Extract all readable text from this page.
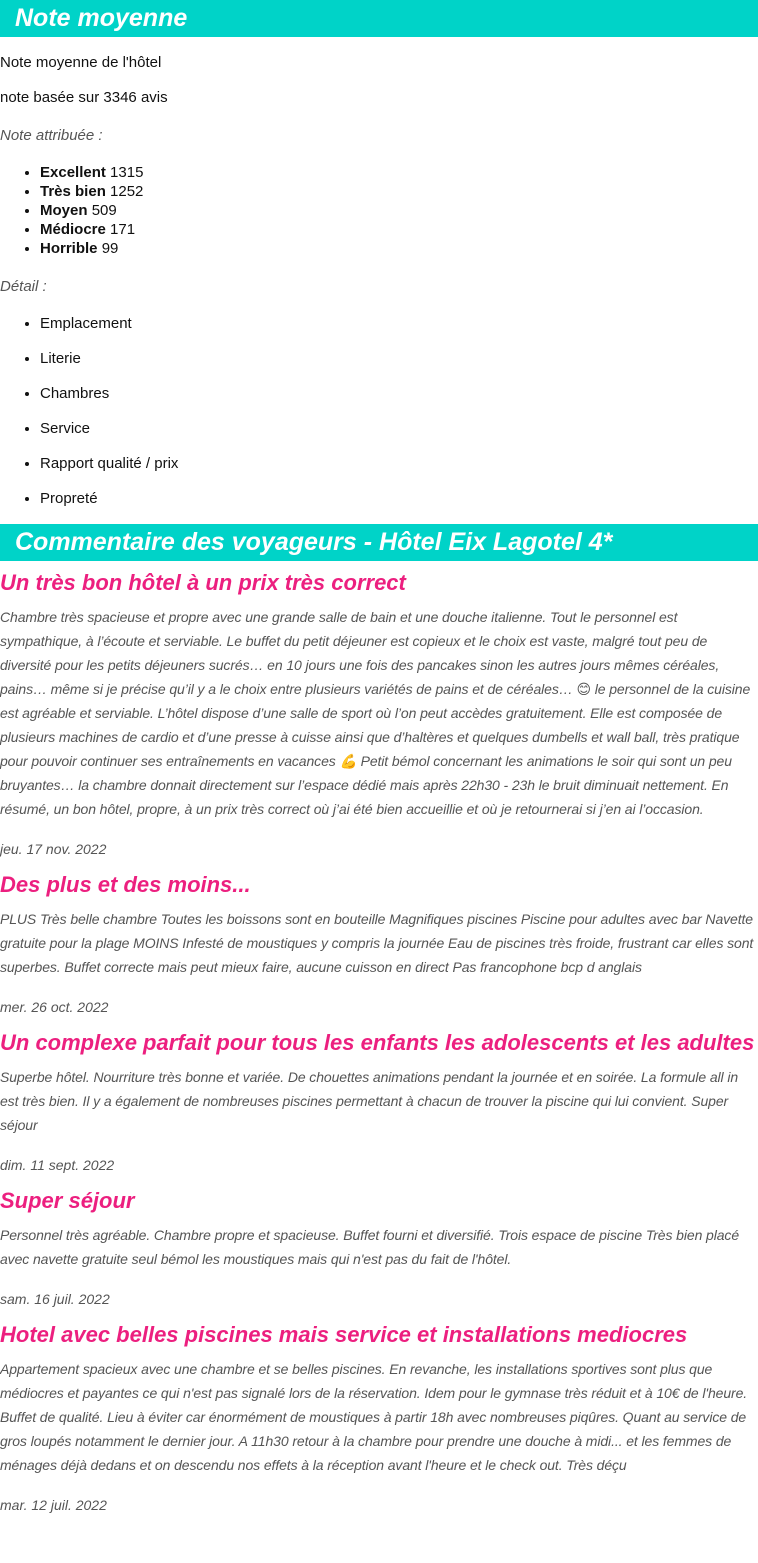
Note moyenne

Note moyenne de l'hôtel

note basée sur 3346 avis

Note attribuée :

• Excellent 1315
• Très bien 1252
• Moyen 509
• Médiocre 171
• Horrible 99

Détail :

• Emplacement
• Literie
• Chambres
• Service
• Rapport qualité / prix
• Propreté
Commentaire des voyageurs - Hôtel Eix Lagotel 4*
Un très bon hôtel à un prix très correct

Chambre très spacieuse et propre avec une grande salle de bain et une douche italienne. Tout le personnel est sympathique, à l’écoute et serviable. Le buffet du petit déjeuner est copieux et le choix est vaste, malgré tout peu de diversité pour les petits déjeuners sucrés… en 10 jours une fois des pancakes sinon les autres jours mêmes céréales, pains… même si je précise qu’il y a le choix entre plusieurs variétés de pains et de céréales… 😊 le personnel de la cuisine est agréable et serviable. L’hôtel dispose d’une salle de sport où l’on peut accèdes gratuitement. Elle est composée de plusieurs machines de cardio et d’une presse à cuisse ainsi que d’haltères et quelques dumbells et wall ball, très pratique pour pouvoir continuer ses entraînements en vacances 💪 Petit bémol concernant les animations le soir qui sont un peu bruyantes… la chambre donnait directement sur l’espace dédié mais après 22h30 - 23h le bruit diminuait nettement. En résumé, un bon hôtel, propre, à un prix très correct où j’ai été bien accueillie et où je retournerai si j’en ai l’occasion.

jeu. 17 nov. 2022

Des plus et des moins...

PLUS Très belle chambre Toutes les boissons sont en bouteille Magnifiques piscines Piscine pour adultes avec bar Navette gratuite pour la plage MOINS Infesté de moustiques y compris la journée Eau de piscines très froide, frustrant car elles sont superbes. Buffet correcte mais peut mieux faire, aucune cuisson en direct Pas francophone bcp d anglais

mer. 26 oct. 2022

Un complexe parfait pour tous les enfants les adolescents et les adultes

Superbe hôtel. Nourriture très bonne et variée. De chouettes animations pendant la journée et en soirée. La formule all in est très bien. Il y a également de nombreuses piscines permettant à chacun de trouver la piscine qui lui convient. Super séjour

dim. 11 sept. 2022

Super séjour

Personnel très agréable. Chambre propre et spacieuse. Buffet fourni et diversifié. Trois espace de piscine Très bien placé avec navette gratuite seul bémol les moustiques mais qui n'est pas du fait de l'hôtel.

sam. 16 juil. 2022

Hotel avec belles piscines mais service et installations mediocres

Appartement spacieux avec une chambre et se belles piscines. En revanche, les installations sportives sont plus que médiocres et payantes ce qui n'est pas signalé lors de la réservation. Idem pour le gymnase très réduit et à 10€ de l'heure. Buffet de qualité. Lieu à éviter car énormément de moustiques à partir 18h avec nombreuses piqûres. Quant au service de gros loupés notamment le dernier jour. A 11h30 retour à la chambre pour prendre une douche à midi... et les femmes de ménages déjà dedans et on descendu nos effets à la réception avant l'heure et le check out. Très déçu

mar. 12 juil. 2022
